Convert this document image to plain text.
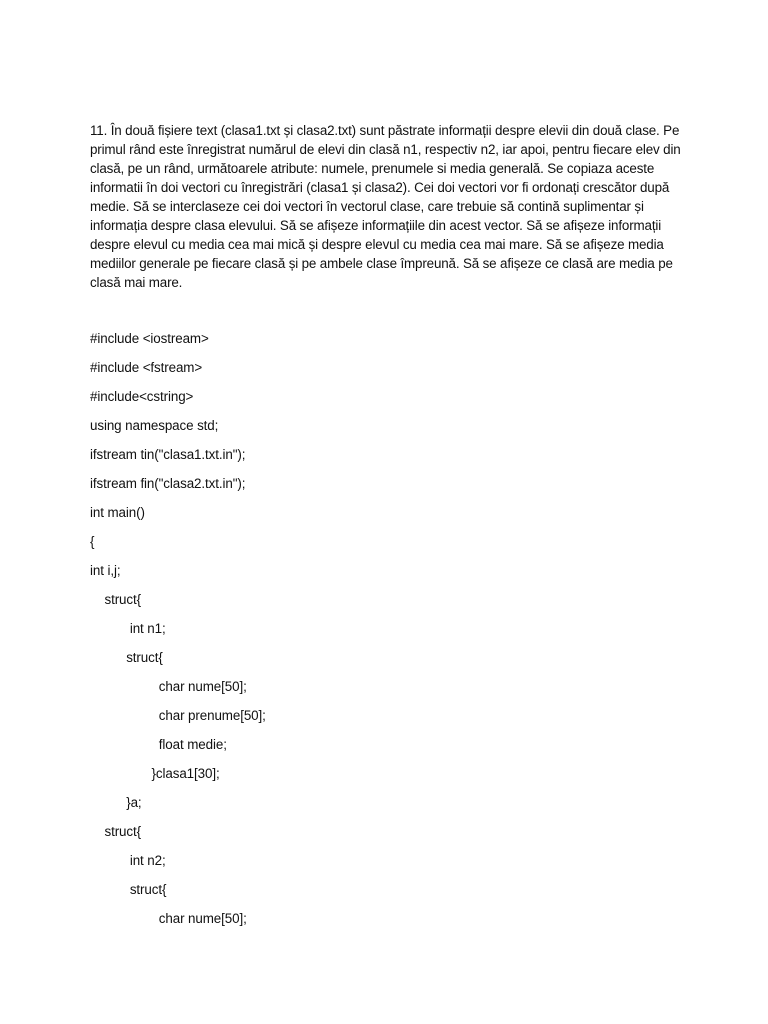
11. În două fișiere text (clasa1.txt și clasa2.txt) sunt păstrate informații despre elevii din două clase. Pe primul rând este înregistrat numărul de elevi din clasă n1, respectiv n2, iar apoi, pentru fiecare elev din clasă, pe un rând, următoarele atribute: numele, prenumele si media generală. Se copiaza aceste informatii în doi vectori cu înregistrări (clasa1 și clasa2). Cei doi vectori vor fi ordonați crescător după medie. Să se interclaseze cei doi vectori în vectorul clase, care trebuie să contină suplimentar și informația despre clasa elevului. Să se afișeze informațiile din acest vector. Să se afișeze informații despre elevul cu media cea mai mică și despre elevul cu media cea mai mare. Să se afișeze media mediilor generale pe fiecare clasă și pe ambele clase împreună. Să se afișeze ce clasă are media pe clasă mai mare.

#include <iostream>
#include <fstream>
#include<cstring>
using namespace std;
ifstream tin("clasa1.txt.in");
ifstream fin("clasa2.txt.in");
int main()
{
int i,j;
struct{
int n1;
struct{
char nume[50];
char prenume[50];
float medie;
}clasa1[30];
}a;
struct{
int n2;
struct{
char nume[50];
